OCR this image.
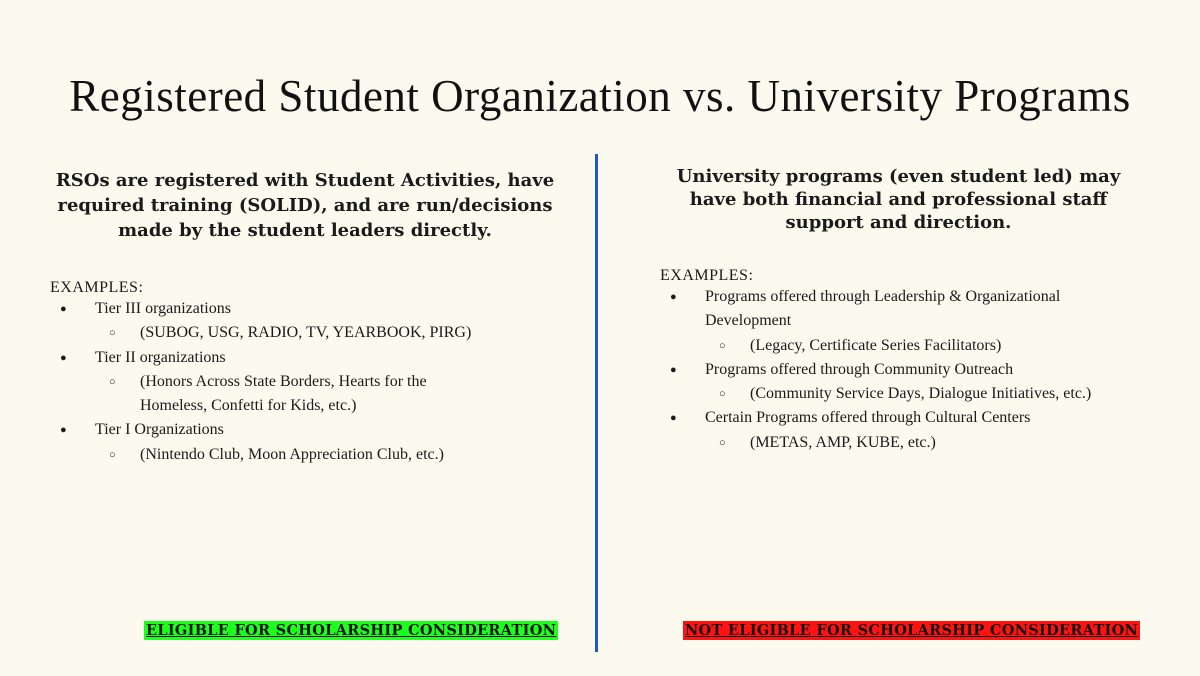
Registered Student Organization vs. University Programs

RSOs are registered with Student Activities, have required training (SOLID), and are run/decisions made by the student leaders directly.

EXAMPLES:

● Tier III organizations
○ (SUBOG, USG, RADIO, TV, YEARBOOK, PIRG)
● Tier II organizations
○ (Honors Across State Borders, Hearts for the Homeless, Confetti for Kids, etc.)
● Tier I Organizations
○ (Nintendo Club, Moon Appreciation Club, etc.)

University programs (even student led) may have both financial and professional staff support and direction.

EXAMPLES:

● Programs offered through Leadership & Organizational Development
○ (Legacy, Certificate Series Facilitators)
● Programs offered through Community Outreach
○ (Community Service Days, Dialogue Initiatives, etc.)
● Certain Programs offered through Cultural Centers
○ (METAS, AMP, KUBE, etc.)
ELIGIBLE FOR SCHOLARSHIP CONSIDERATION	NOT ELIGIBLE FOR SCHOLARSHIP CONSIDERATION
